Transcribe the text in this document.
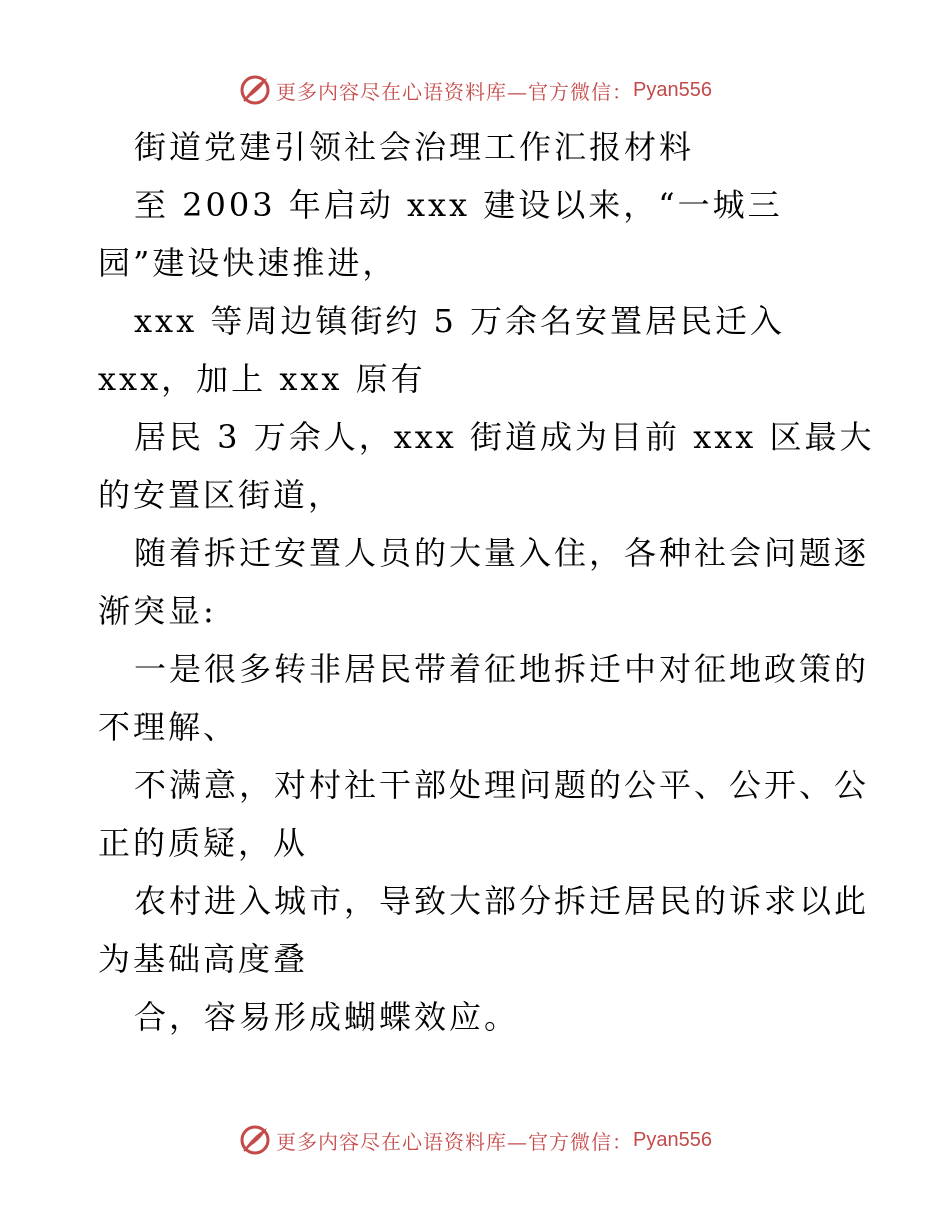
更多内容尽在心语资料库—官方微信： Pyan556
街道党建引领社会治理工作汇报材料
至 2003 年启动 xxx 建设以来，“一城三
园”建设快速推进，
xxx 等周边镇街约 5 万余名安置居民迁入
xxx，加上 xxx 原有
居民 3 万余人，xxx 街道成为目前 xxx 区最大
的安置区街道，
随着拆迁安置人员的大量入住，各种社会问题逐
渐突显:
一是很多转非居民带着征地拆迁中对征地政策的
不理解、
不满意，对村社干部处理问题的公平、公开、公
正的质疑，从
农村进入城市，导致大部分拆迁居民的诉求以此
为基础高度叠
合，容易形成蝴蝶效应。
更多内容尽在心语资料库—官方微信： Pyan556
